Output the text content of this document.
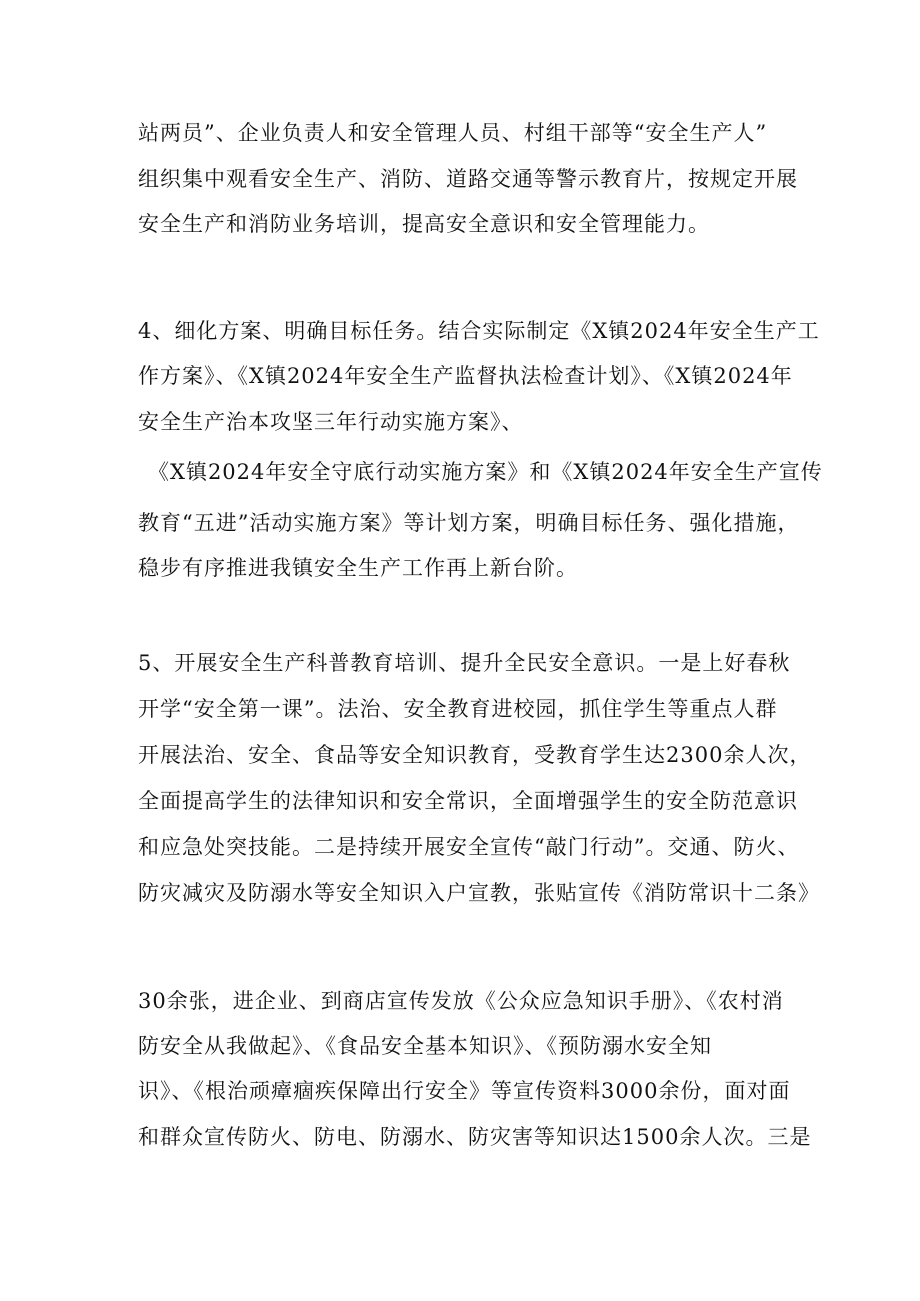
站两员”、企业负责人和安全管理人员、村组干部等“安全生产人”
组织集中观看安全生产、消防、道路交通等警示教育片，按规定开展
安全生产和消防业务培训，提高安全意识和安全管理能力。
4、细化方案、明确目标任务。结合实际制定《X镇2024年安全生产工
作方案》、《X镇2024年安全生产监督执法检查计划》、《X镇2024年
安全生产治本攻坚三年行动实施方案》、
《X镇2024年安全守底行动实施方案》和《X镇2024年安全生产宣传
教育“五进”活动实施方案》等计划方案，明确目标任务、强化措施，
稳步有序推进我镇安全生产工作再上新台阶。
5、开展安全生产科普教育培训、提升全民安全意识。一是上好春秋
开学“安全第一课”。法治、安全教育进校园，抓住学生等重点人群
开展法治、安全、食品等安全知识教育，受教育学生达2300余人次，
全面提高学生的法律知识和安全常识，全面增强学生的安全防范意识
和应急处突技能。二是持续开展安全宣传“敲门行动”。交通、防火、
防灾减灾及防溺水等安全知识入户宣教，张贴宣传《消防常识十二条》
30余张，进企业、到商店宣传发放《公众应急知识手册》、《农村消
防安全从我做起》、《食品安全基本知识》、《预防溺水安全知
识》、《根治顽瘴痼疾保障出行安全》等宣传资料3000余份，面对面
和群众宣传防火、防电、防溺水、防灾害等知识达1500余人次。三是
